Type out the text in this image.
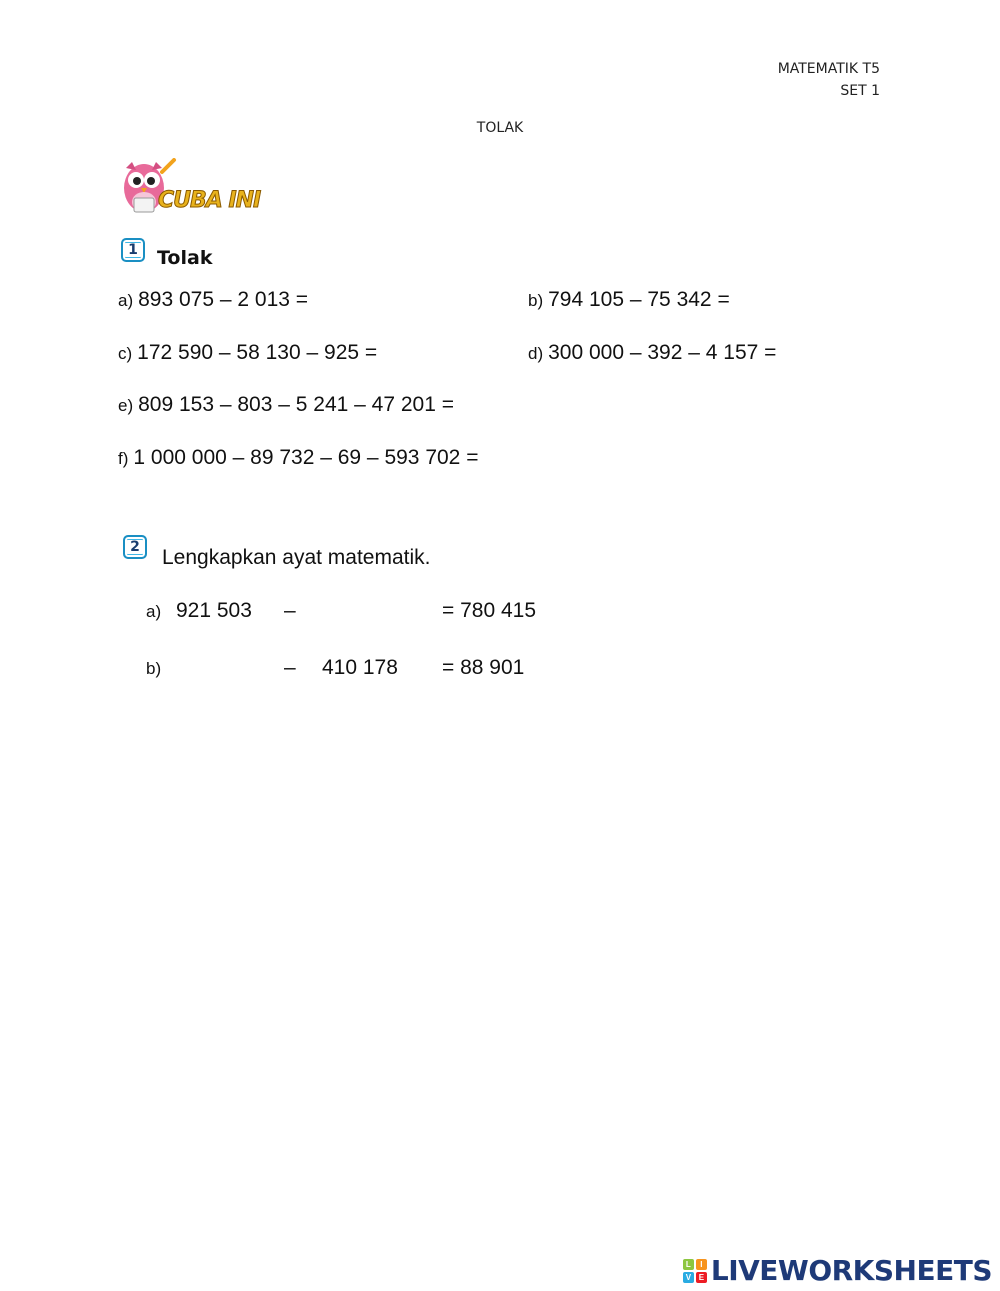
MATEMATIK T5
SET 1
TOLAK
CUBA INI
1 Tolak
a) 893 075 – 2 013 =	b) 794 105 – 75 342 =
c) 172 590 – 58 130 – 925 =	d) 300 000 – 392 – 4 157 =
e) 809 153 – 803 – 5 241 – 47 201 =
f) 1 000 000 – 89 732 – 69 – 593 702 =
2 Lengkapkan ayat matematik.
a) 921 503 –	= 780 415
b)	– 410 178 = 88 901
L	I
V E LIVEWORKSHEETS
